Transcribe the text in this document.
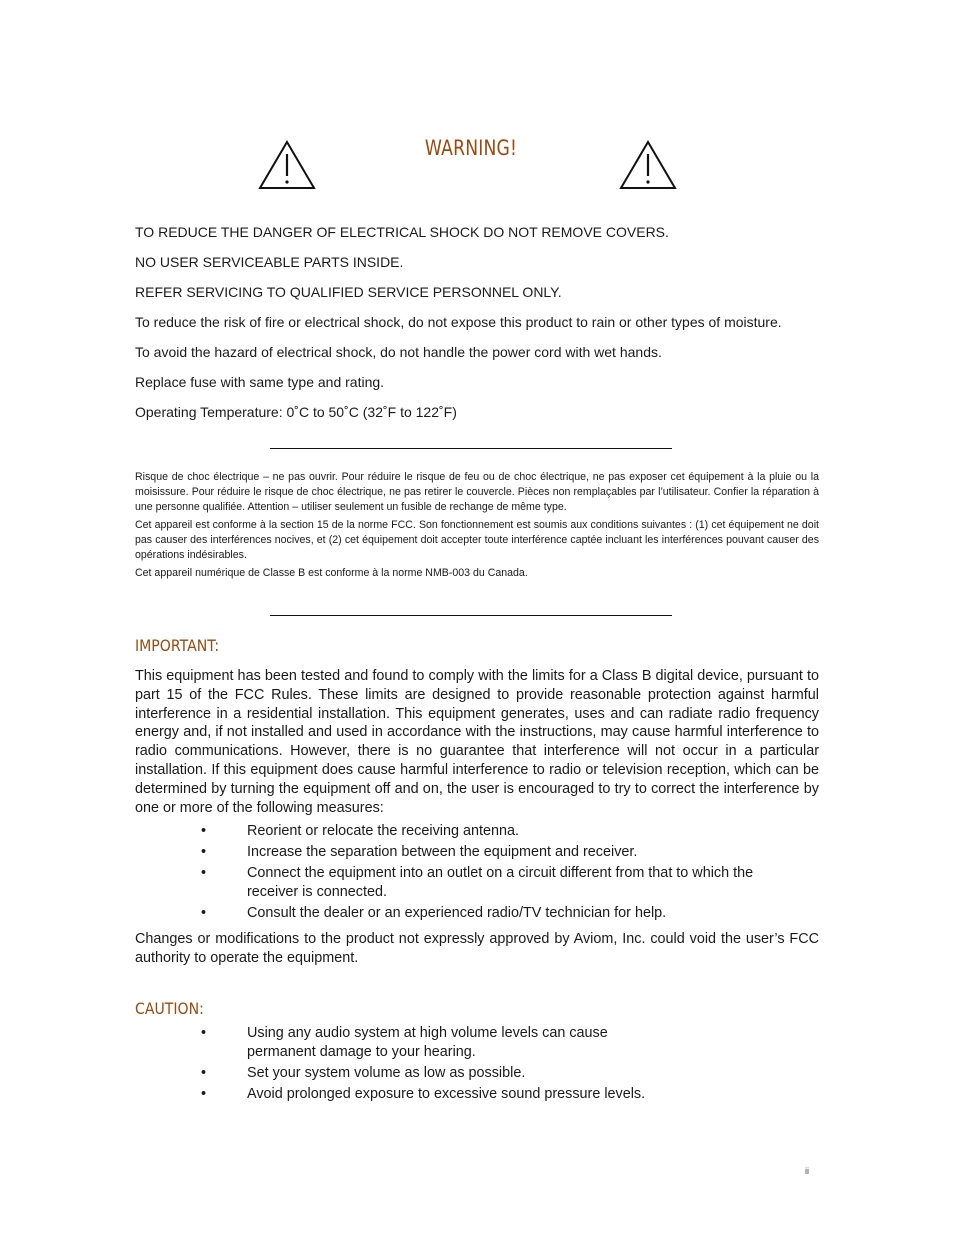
WARNING!
TO REDUCE THE DANGER OF ELECTRICAL SHOCK DO NOT REMOVE COVERS.
NO USER SERVICEABLE PARTS INSIDE.
REFER SERVICING TO QUALIFIED SERVICE PERSONNEL ONLY.
To reduce the risk of fire or electrical shock, do not expose this product to rain or other types of moisture.
To avoid the hazard of electrical shock, do not handle the power cord with wet hands.
Replace fuse with same type and rating.
Operating Temperature: 0˚C to 50˚C (32˚F to 122˚F)
Risque de choc électrique – ne pas ouvrir. Pour réduire le risque de feu ou de choc électrique, ne pas exposer cet équipement à la pluie ou la moisissure. Pour réduire le risque de choc électrique, ne pas retirer le couvercle. Pièces non remplaçables par l’utilisateur. Confier la réparation à une personne qualifiée. Attention – utiliser seulement un fusible de rechange de même type.
Cet appareil est conforme à la section 15 de la norme FCC. Son fonctionnement est soumis aux conditions suivantes : (1) cet équipement ne doit pas causer des interférences nocives, et (2) cet équipement doit accepter toute interférence captée incluant les interférences pouvant causer des opérations indésirables.
Cet appareil numérique de Classe B est conforme à la norme NMB-003 du Canada.
IMPORTANT:
This equipment has been tested and found to comply with the limits for a Class B digital device, pursuant to part 15 of the FCC Rules. These limits are designed to provide reasonable protection against harmful interference in a residential installation. This equipment generates, uses and can radiate radio frequency energy and, if not installed and used in accordance with the instructions, may cause harmful interference to radio communications. However, there is no guarantee that interference will not occur in a particular installation. If this equipment does cause harmful interference to radio or television reception, which can be determined by turning the equipment off and on, the user is encouraged to try to correct the interference by one or more of the following measures:
•	Reorient or relocate the receiving antenna.
•	Increase the separation between the equipment and receiver.
•	Connect the equipment into an outlet on a circuit different from that to which the receiver is connected.
•	Consult the dealer or an experienced radio/TV technician for help.
Changes or modifications to the product not expressly approved by Aviom, Inc. could void the user’s FCC authority to operate the equipment.
CAUTION:
•	Using any audio system at high volume levels can cause permanent damage to your hearing.
•	Set your system volume as low as possible.
•	Avoid prolonged exposure to excessive sound pressure levels.
ii
